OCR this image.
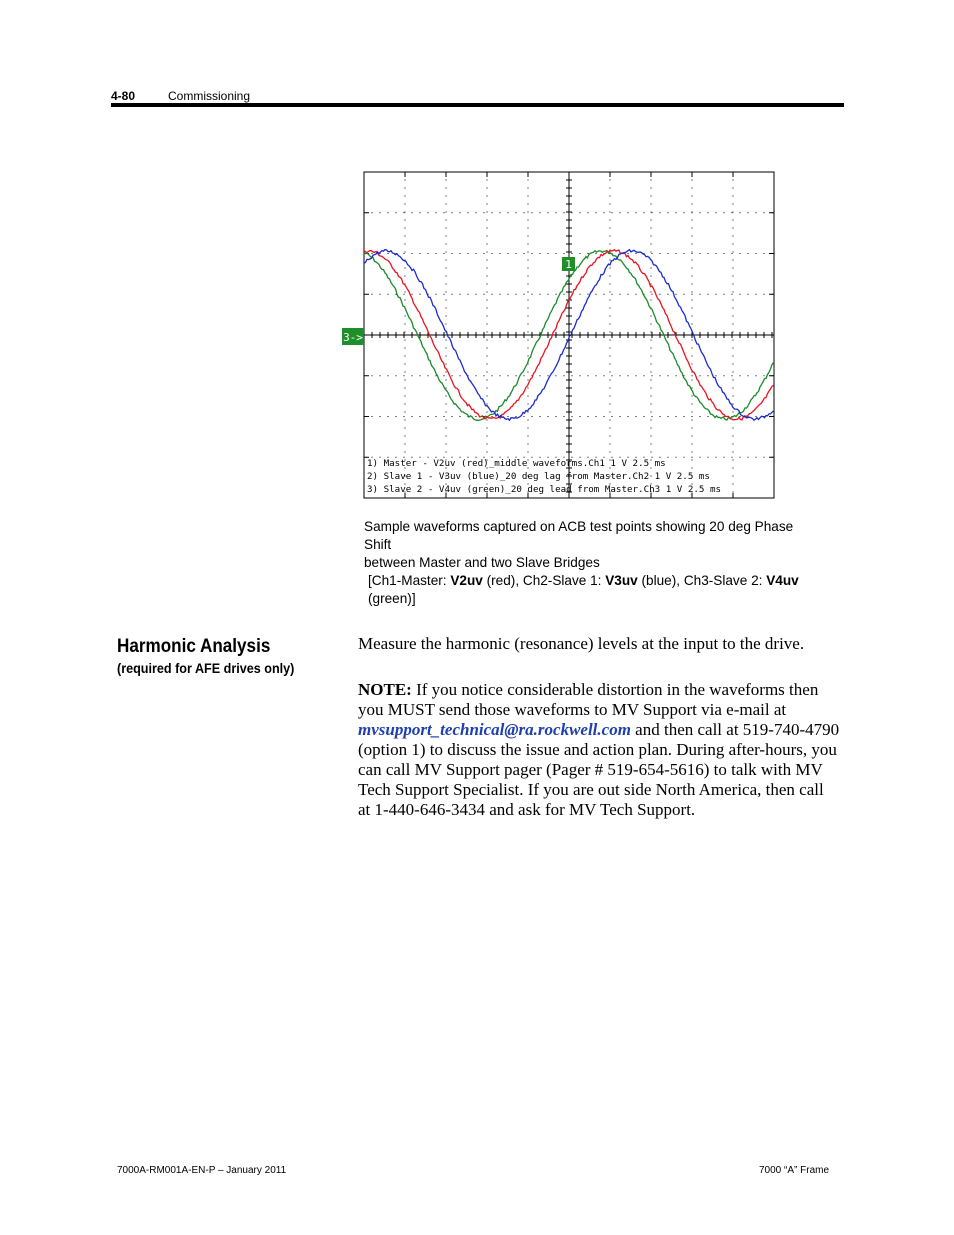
4-80	Commissioning
1
3->
1) Master - V2uv (red)_middle waveforms.Ch1 1 V 2.5 ms
2) Slave 1 - V3uv (blue)_20 deg lag from Master.Ch2 1 V 2.5 ms
3) Slave 2 - V4uv (green)_20 deg lead from Master.Ch3 1 V 2.5 ms
Sample waveforms captured on ACB test points showing 20 deg Phase Shift
between Master and two Slave Bridges
[Ch1-Master: V2uv (red), Ch2-Slave 1: V3uv (blue), Ch3-Slave 2: V4uv (green)]
Harmonic Analysis
(required for AFE drives only)
Measure the harmonic (resonance) levels at the input to the drive.
NOTE: If you notice considerable distortion in the waveforms then
you MUST send those waveforms to MV Support via e-mail at
mvsupport_technical@ra.rockwell.com and then call at 519-740-4790
(option 1) to discuss the issue and action plan. During after-hours, you
can call MV Support pager (Pager # 519-654-5616) to talk with MV
Tech Support Specialist. If you are out side North America, then call
at 1-440-646-3434 and ask for MV Tech Support.
7000A-RM001A-EN-P – January 2011	7000 “A” Frame
